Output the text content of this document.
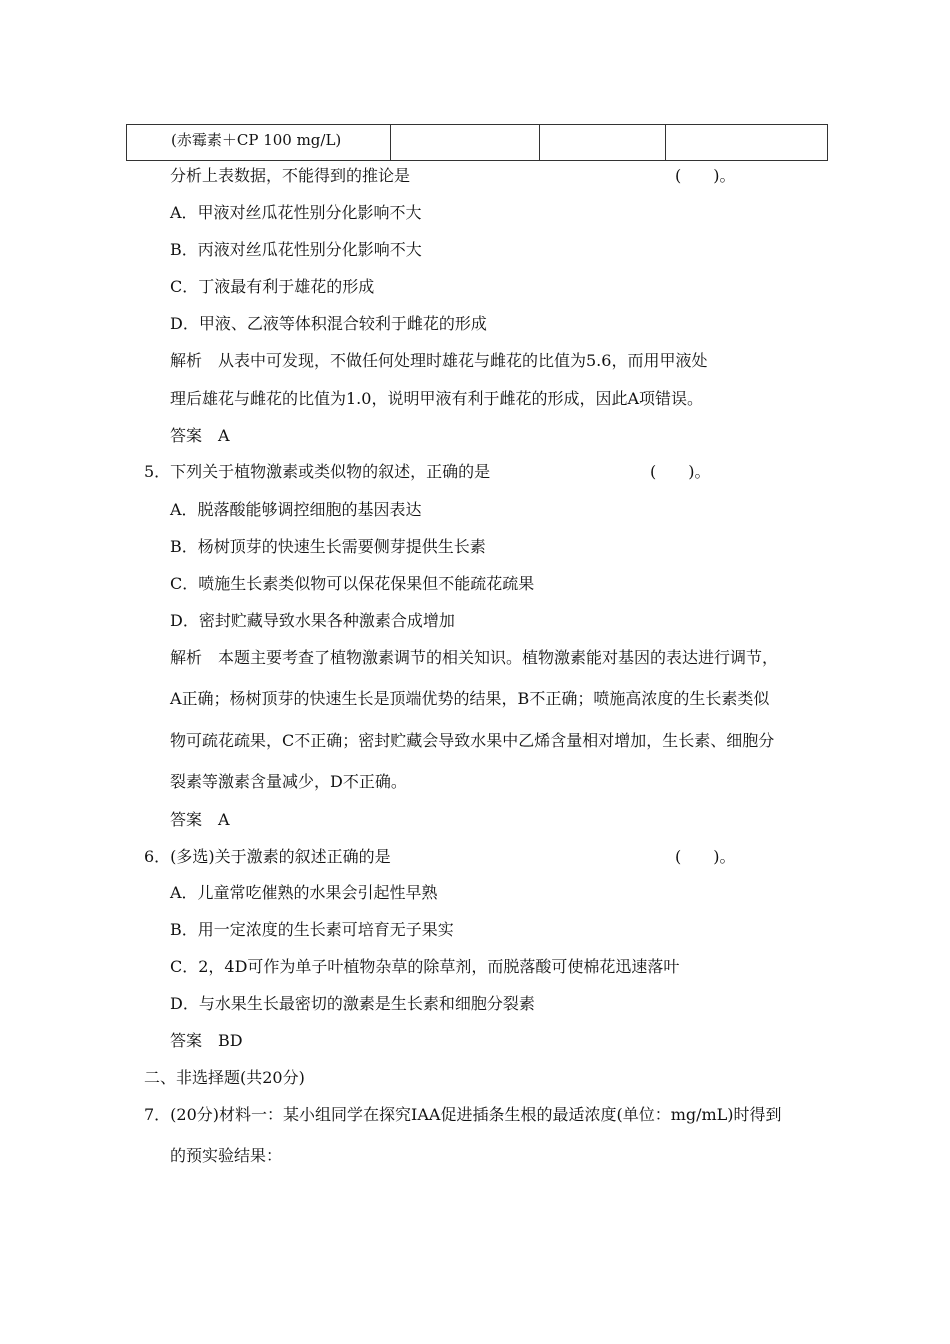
(赤霉素＋CP 100 mg/L)
分析上表数据，不能得到的推论是	(　　)。
A．甲液对丝瓜花性别分化影响不大
B．丙液对丝瓜花性别分化影响不大
C．丁液最有利于雄花的形成
D．甲液、乙液等体积混合较利于雌花的形成
解析　从表中可发现，不做任何处理时雄花与雌花的比值为5.6，而用甲液处
理后雄花与雌花的比值为1.0，说明甲液有利于雌花的形成，因此A项错误。
答案　A
5．下列关于植物激素或类似物的叙述，正确的是	(　　)。
A．脱落酸能够调控细胞的基因表达
B．杨树顶芽的快速生长需要侧芽提供生长素
C．喷施生长素类似物可以保花保果但不能疏花疏果
D．密封贮藏导致水果各种激素合成增加
解析　本题主要考查了植物激素调节的相关知识。植物激素能对基因的表达进行调节，
A正确；杨树顶芽的快速生长是顶端优势的结果，B不正确；喷施高浓度的生长素类似
物可疏花疏果，C不正确；密封贮藏会导致水果中乙烯含量相对增加，生长素、细胞分
裂素等激素含量减少，D不正确。
答案　A
6．(多选)关于激素的叙述正确的是	(　　)。
A．儿童常吃催熟的水果会引起性早熟
B．用一定浓度的生长素可培育无子果实
C．2，4D可作为单子叶植物杂草的除草剂，而脱落酸可使棉花迅速落叶
D．与水果生长最密切的激素是生长素和细胞分裂素
答案　BD
二、非选择题(共20分)
7．(20分)材料一：某小组同学在探究IAA促进插条生根的最适浓度(单位：mg/mL)时得到
的预实验结果：
